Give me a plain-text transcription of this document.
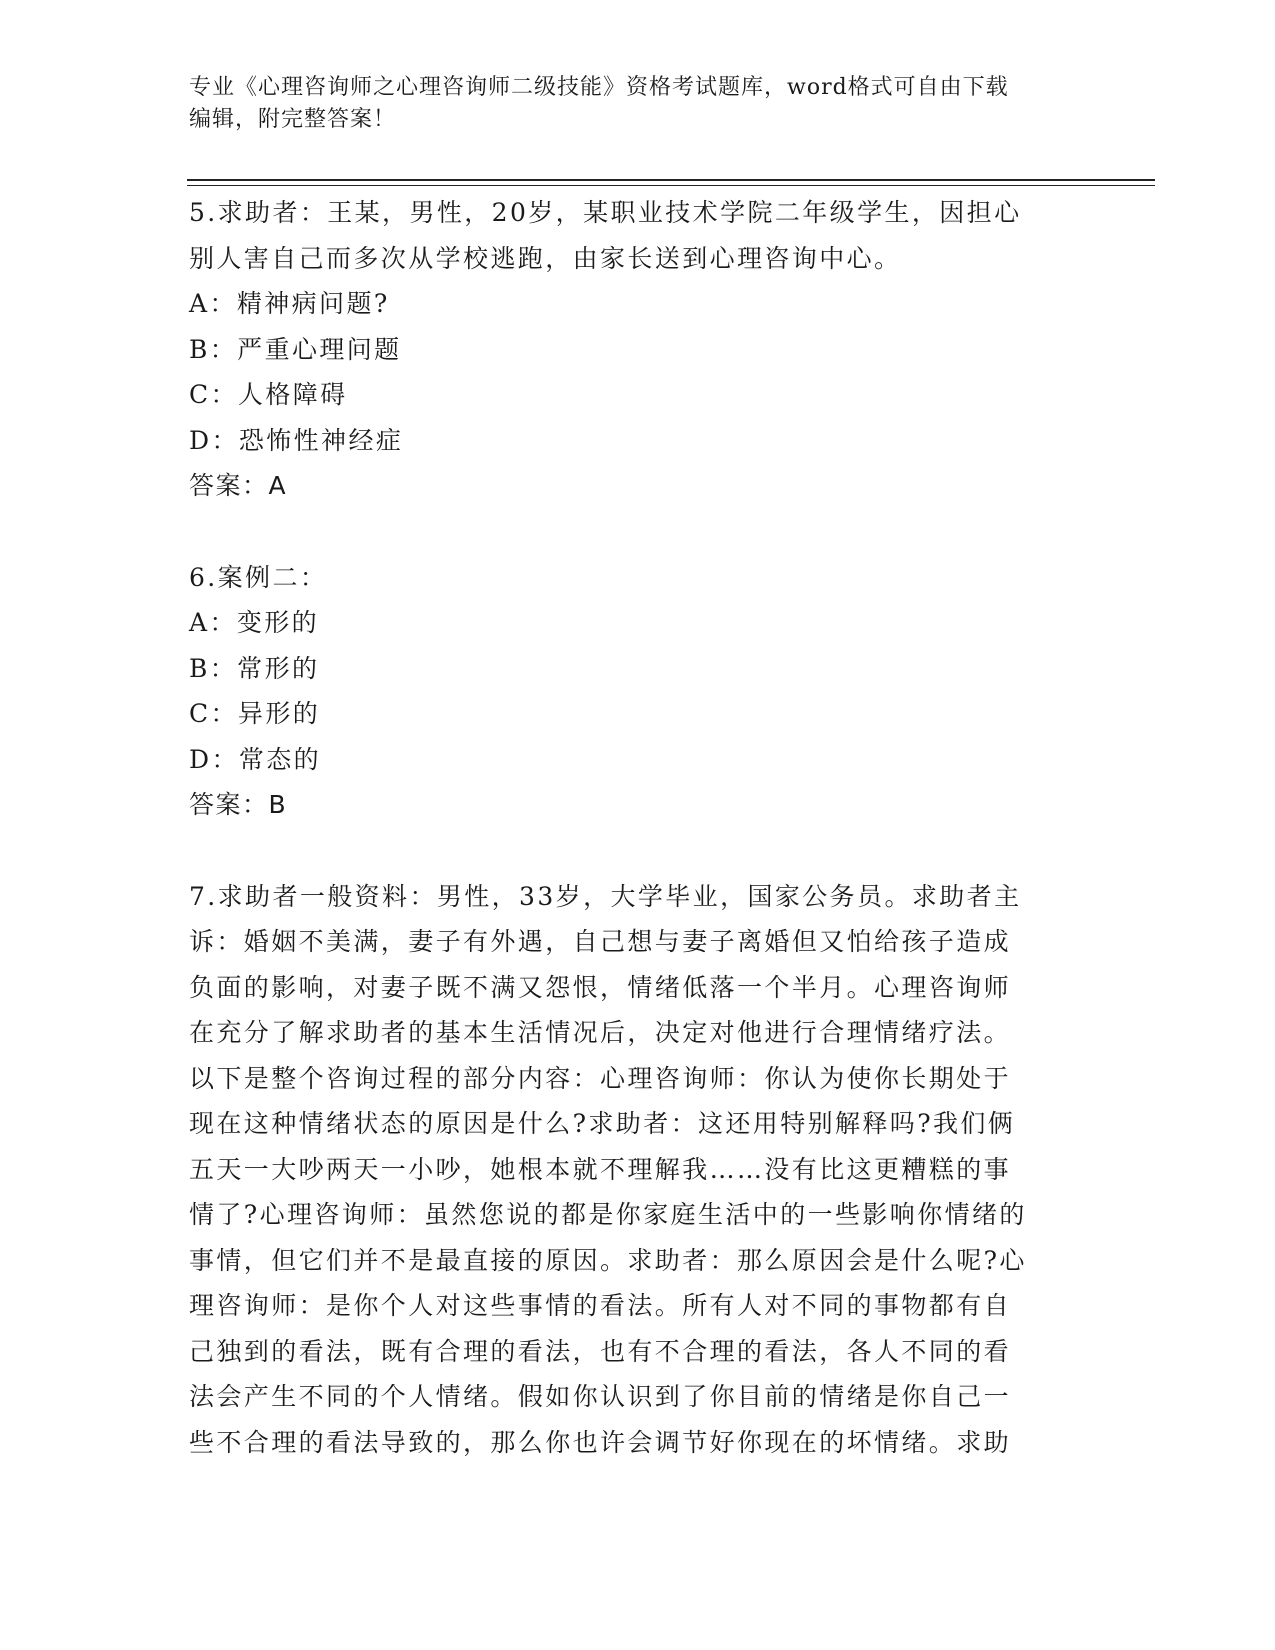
专业《心理咨询师之心理咨询师二级技能》资格考试题库，word格式可自由下载
编辑，附完整答案！
5.求助者：王某，男性，20岁，某职业技术学院二年级学生，因担心
别人害自己而多次从学校逃跑，由家长送到心理咨询中心。
A：精神病问题?
B：严重心理问题
C：人格障碍
D：恐怖性神经症
答案：A
6.案例二：
A：变形的
B：常形的
C：异形的
D：常态的
答案：B
7.求助者一般资料：男性，33岁，大学毕业，国家公务员。求助者主
诉：婚姻不美满，妻子有外遇，自己想与妻子离婚但又怕给孩子造成
负面的影响，对妻子既不满又怨恨，情绪低落一个半月。心理咨询师
在充分了解求助者的基本生活情况后，决定对他进行合理情绪疗法。
以下是整个咨询过程的部分内容：心理咨询师：你认为使你长期处于
现在这种情绪状态的原因是什么?求助者：这还用特别解释吗?我们俩
五天一大吵两天一小吵，她根本就不理解我……没有比这更糟糕的事
情了?心理咨询师：虽然您说的都是你家庭生活中的一些影响你情绪的
事情，但它们并不是最直接的原因。求助者：那么原因会是什么呢?心
理咨询师：是你个人对这些事情的看法。所有人对不同的事物都有自
己独到的看法，既有合理的看法，也有不合理的看法，各人不同的看
法会产生不同的个人情绪。假如你认识到了你目前的情绪是你自己一
些不合理的看法导致的，那么你也许会调节好你现在的坏情绪。求助
